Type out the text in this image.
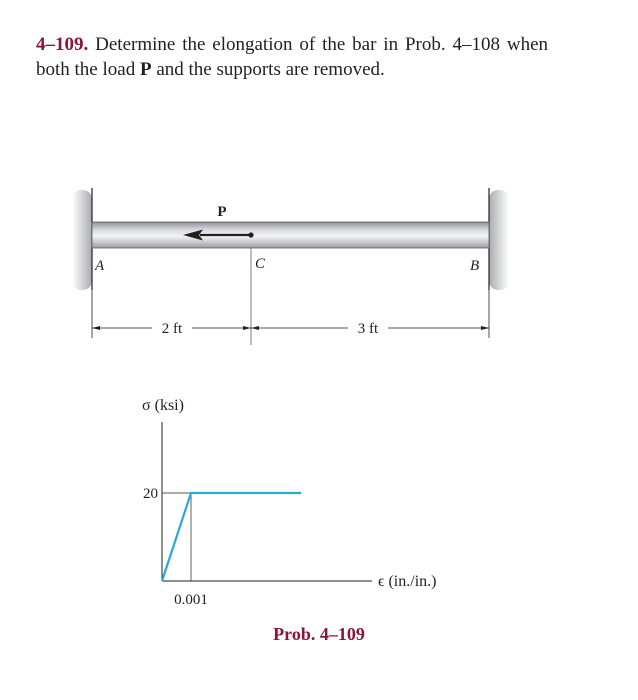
4–109. Determine the elongation of the bar in Prob. 4–108 when both the load P and the supports are removed.
P
C
A	B
2 ft	3 ft
σ (ksi)
ϵ (in./in.)
20
0.001
Prob. 4–109
